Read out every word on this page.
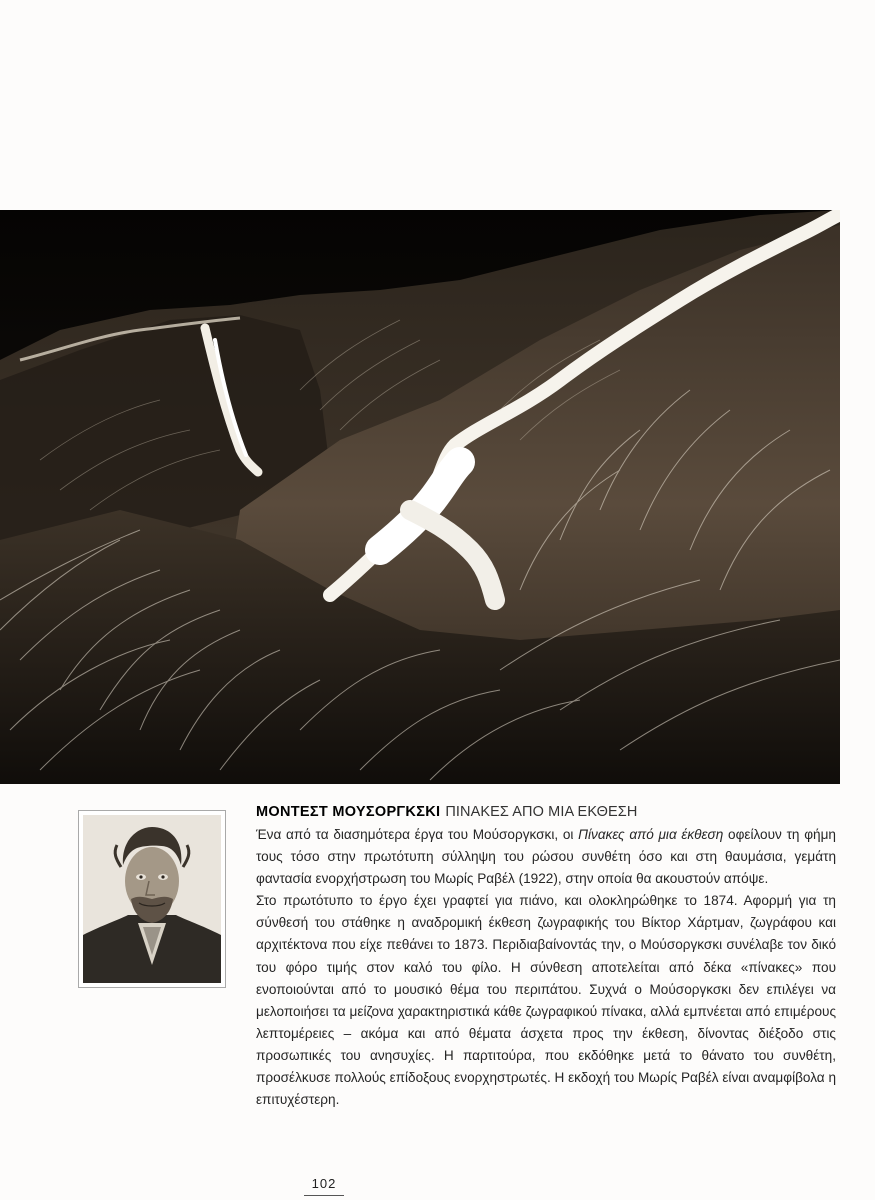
ΜΟΝΤΕΣΤ ΜΟΥΣΟΡΓΚΣΚΙ ΠΙΝΑΚΕΣ ΑΠΟ ΜΙΑ ΕΚΘΕΣΗ

Ένα από τα διασημότερα έργα του Μούσοργκσκι, οι Πίνακες από μια έκθεση οφείλουν τη φήμη τους τόσο στην πρωτότυπη σύλληψη του ρώσου συνθέτη όσο και στη θαυμάσια, γεμάτη φαντασία ενορχήστρωση του Μωρίς Ραβέλ (1922), στην οποία θα ακουστούν απόψε.

Στο πρωτότυπο το έργο έχει γραφτεί για πιάνο, και ολοκληρώθηκε το 1874. Αφορμή για τη σύνθεσή του στάθηκε η αναδρομική έκθεση ζωγραφικής του Βίκτορ Χάρτμαν, ζωγράφου και αρχιτέκτονα που είχε πεθάνει το 1873. Περιδιαβαίνοντάς την, ο Μούσοργκσκι συνέλαβε τον δικό του φόρο τιμής στον καλό του φίλο. Η σύνθεση αποτελείται από δέκα «πίνακες» που ενοποιούνται από το μουσικό θέμα του περιπάτου. Συχνά ο Μούσοργκσκι δεν επιλέγει να μελοποιήσει τα μείζονα χαρακτηριστικά κάθε ζωγραφικού πίνακα, αλλά εμπνέεται από επιμέρους λεπτομέρειες – ακόμα και από θέματα άσχετα προς την έκθεση, δίνοντας διέξοδο στις προσωπικές του ανησυχίες. Η παρτιτούρα, που εκδόθηκε μετά το θάνατο του συνθέτη, προσέλκυσε πολλούς επίδοξους ενορχηστρωτές. Η εκδοχή του Μωρίς Ραβέλ είναι αναμφίβολα η επιτυχέστερη.

102
